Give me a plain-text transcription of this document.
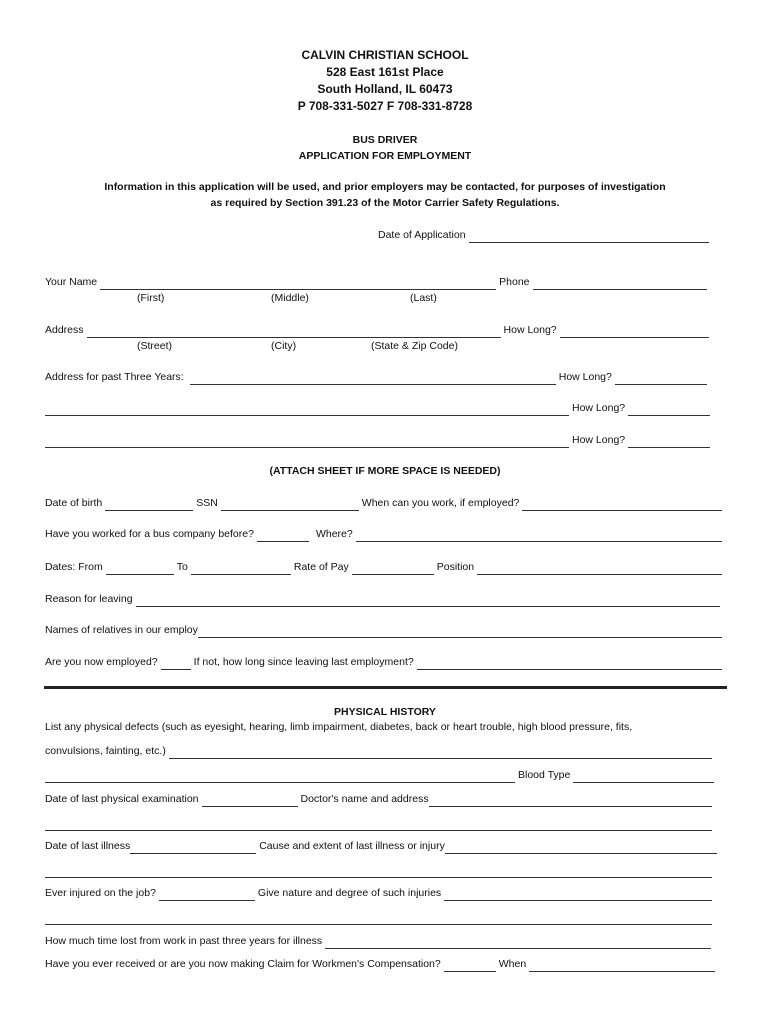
CALVIN CHRISTIAN SCHOOL
528 East 161st Place
South Holland, IL 60473
P 708-331-5027 F 708-331-8728
BUS DRIVER
APPLICATION FOR EMPLOYMENT
Information in this application will be used, and prior employers may be contacted, for purposes of investigation
as required by Section 391.23 of the Motor Carrier Safety Regulations.
Date of Application
Your Name	Phone
(First)	(Middle)	(Last)
Address	How Long?
(Street)	(City)	(State & Zip Code)
Address for past Three Years:	How Long?
How Long?
How Long?
(ATTACH SHEET IF MORE SPACE IS NEEDED)
Date of birth	SSN	When can you work, if employed?
Have you worked for a bus company before?	Where?
Dates: From	To	Rate of Pay	Position
Reason for leaving
Names of relatives in our employ
Are you now employed?	If not, how long since leaving last employment?
PHYSICAL HISTORY
List any physical defects (such as eyesight, hearing, limb impairment, diabetes, back or heart trouble, high blood pressure, fits,
convulsions, fainting, etc.)
Blood Type
Date of last physical examination	Doctor's name and address
Date of last illness	Cause and extent of last illness or injury
Ever injured on the job?	Give nature and degree of such injuries
How much time lost from work in past three years for illness
Have you ever received or are you now making Claim for Workmen's Compensation?	When
